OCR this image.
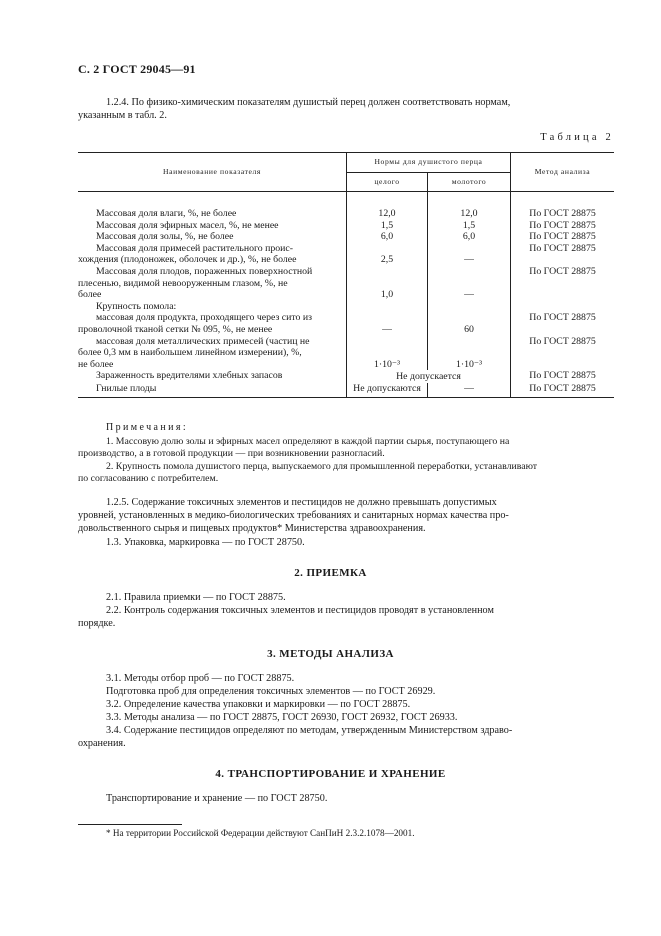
С. 2 ГОСТ 29045—91
1.2.4. По физико-химическим показателям душистый перец должен соответствовать нормам,
указанным в табл. 2.
Таблица 2
Наименование показателя	Нормы для душистого перца		Метод анализа
	целого	молотого	

Массовая доля влаги, %, не более	12,0	12,0	По ГОСТ 28875
Массовая доля эфирных масел, %, не менее	1,5	1,5	По ГОСТ 28875
Массовая доля золы, %, не более	6,0	6,0	По ГОСТ 28875

Массовая доля примесей растительного проис-
хождения (плодоножек, оболочек и др.), %, не более	2,5	—	По ГОСТ 28875

Массовая доля плодов, пораженных поверхностной
плесенью, видимой невооруженным глазом, %, не
более	1,0	—	По ГОСТ 28875
Крупность помола:			

массовая доля продукта, проходящего через сито из
проволочной тканой сетки № 095, %, не менее	—	60	По ГОСТ 28875

массовая доля металлических примесей (частиц не
более 0,3 мм в наибольшем линейном измерении), %,
не более	1·10⁻³	1·10⁻³	По ГОСТ 28875
Зараженность вредителями хлебных запасов	Не допускается		По ГОСТ 28875
Гнилые плоды	Не допускаются	—	По ГОСТ 28875
Примечания:
1. Массовую долю золы и эфирных масел определяют в каждой партии сырья, поступающего на
производство, а в готовой продукции — при возникновении разногласий.
2. Крупность помола душистого перца, выпускаемого для промышленной переработки, устанавливают
по согласованию с потребителем.
1.2.5. Содержание токсичных элементов и пестицидов не должно превышать допустимых
уровней, установленных в медико-биологических требованиях и санитарных нормах качества про-
довольственного сырья и пищевых продуктов* Министерства здравоохранения.
1.3. Упаковка, маркировка — по ГОСТ 28750.
2. ПРИЕМКА
2.1. Правила приемки — по ГОСТ 28875.
2.2. Контроль содержания токсичных элементов и пестицидов проводят в установленном
порядке.
3. МЕТОДЫ АНАЛИЗА
3.1. Методы отбор проб — по ГОСТ 28875.
Подготовка проб для определения токсичных элементов — по ГОСТ 26929.
3.2. Определение качества упаковки и маркировки — по ГОСТ 28875.
3.3. Методы анализа — по ГОСТ 28875, ГОСТ 26930, ГОСТ 26932, ГОСТ 26933.
3.4. Содержание пестицидов определяют по методам, утвержденным Министерством здраво-
охранения.
4. ТРАНСПОРТИРОВАНИЕ И ХРАНЕНИЕ
Транспортирование и хранение — по ГОСТ 28750.
* На территории Российской Федерации действуют СанПиН 2.3.2.1078—2001.
